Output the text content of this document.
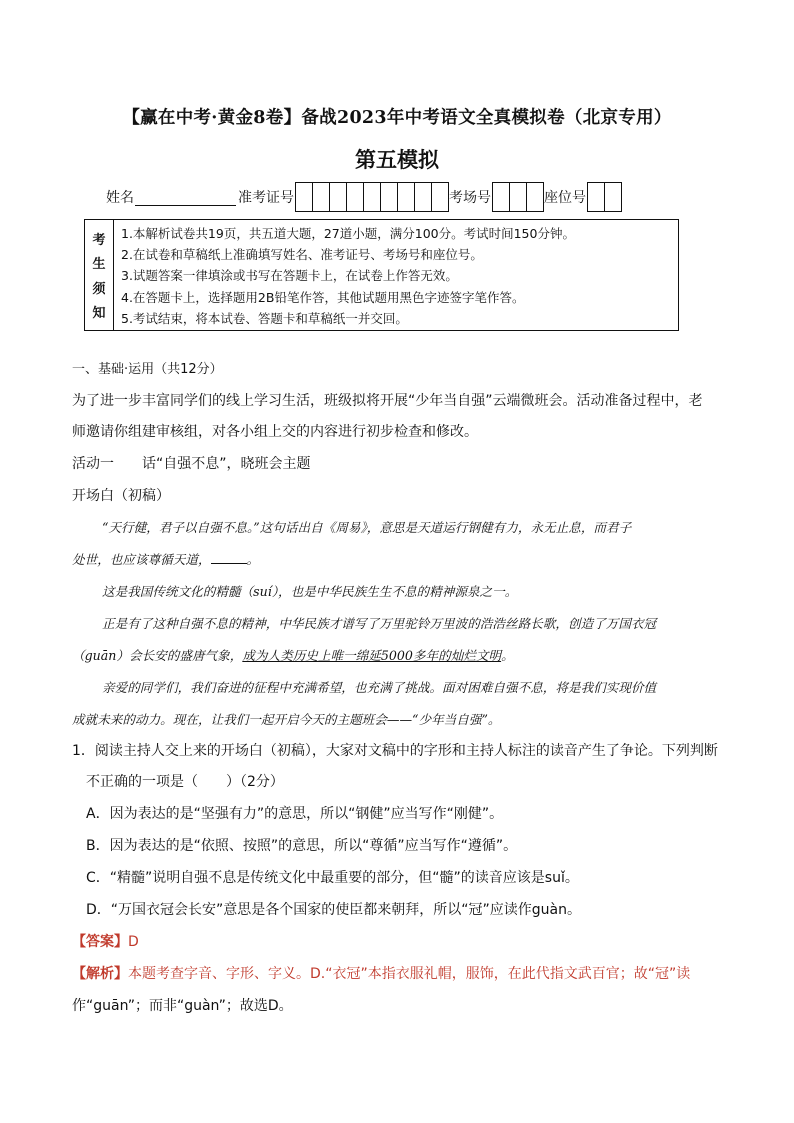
【赢在中考·黄金8卷】备战2023年中考语文全真模拟卷（北京专用）
第五模拟
姓名	准考证号	考场号	座位号
考
生
须
知
1.本解析试卷共19页，共五道大题，27道小题，满分100分。考试时间150分钟。
2.在试卷和草稿纸上准确填写姓名、准考证号、考场号和座位号。
3.试题答案一律填涂或书写在答题卡上，在试卷上作答无效。
4.在答题卡上，选择题用2B铅笔作答，其他试题用黑色字迹签字笔作答。
5.考试结束，将本试卷、答题卡和草稿纸一并交回。
一、基础·运用（共12分）
为了进一步丰富同学们的线上学习生活，班级拟将开展“少年当自强”云端微班会。活动准备过程中，老
师邀请你组建审核组，对各小组上交的内容进行初步检查和修改。
活动一 话“自强不息”，晓班会主题
开场白（初稿）
“天行健，君子以自强不息。”这句话出自《周易》，意思是天道运行钢健有力，永无止息，而君子
处世，也应该尊循天道，	。
这是我国传统文化的精髓（suí），也是中华民族生生不息的精神源泉之一。
正是有了这种自强不息的精神，中华民族才谱写了万里驼铃万里波的浩浩丝路长歌，创造了万国衣冠
（guān）会长安的盛唐气象，成为人类历史上唯一绵延5000多年的灿烂文明。
亲爱的同学们，我们奋进的征程中充满希望，也充满了挑战。面对困难自强不息，将是我们实现价值
成就未来的动力。现在，让我们一起开启今天的主题班会——“少年当自强”。
1．阅读主持人交上来的开场白（初稿），大家对文稿中的字形和主持人标注的读音产生了争论。下列判断
不正确的一项是（　　）（2分）
A．因为表达的是“坚强有力”的意思，所以“钢健”应当写作“刚健”。
B．因为表达的是“依照、按照”的意思，所以“尊循”应当写作“遵循”。
C．“精髓”说明自强不息是传统文化中最重要的部分，但“髓”的读音应该是suǐ。
D．“万国衣冠会长安”意思是各个国家的使臣都来朝拜，所以“冠”应读作guàn。
【答案】D
【解析】本题考查字音、字形、字义。D.“衣冠”本指衣服礼帽，服饰，在此代指文武百官；故“冠”读
作“guān”；而非“guàn”；故选D。
